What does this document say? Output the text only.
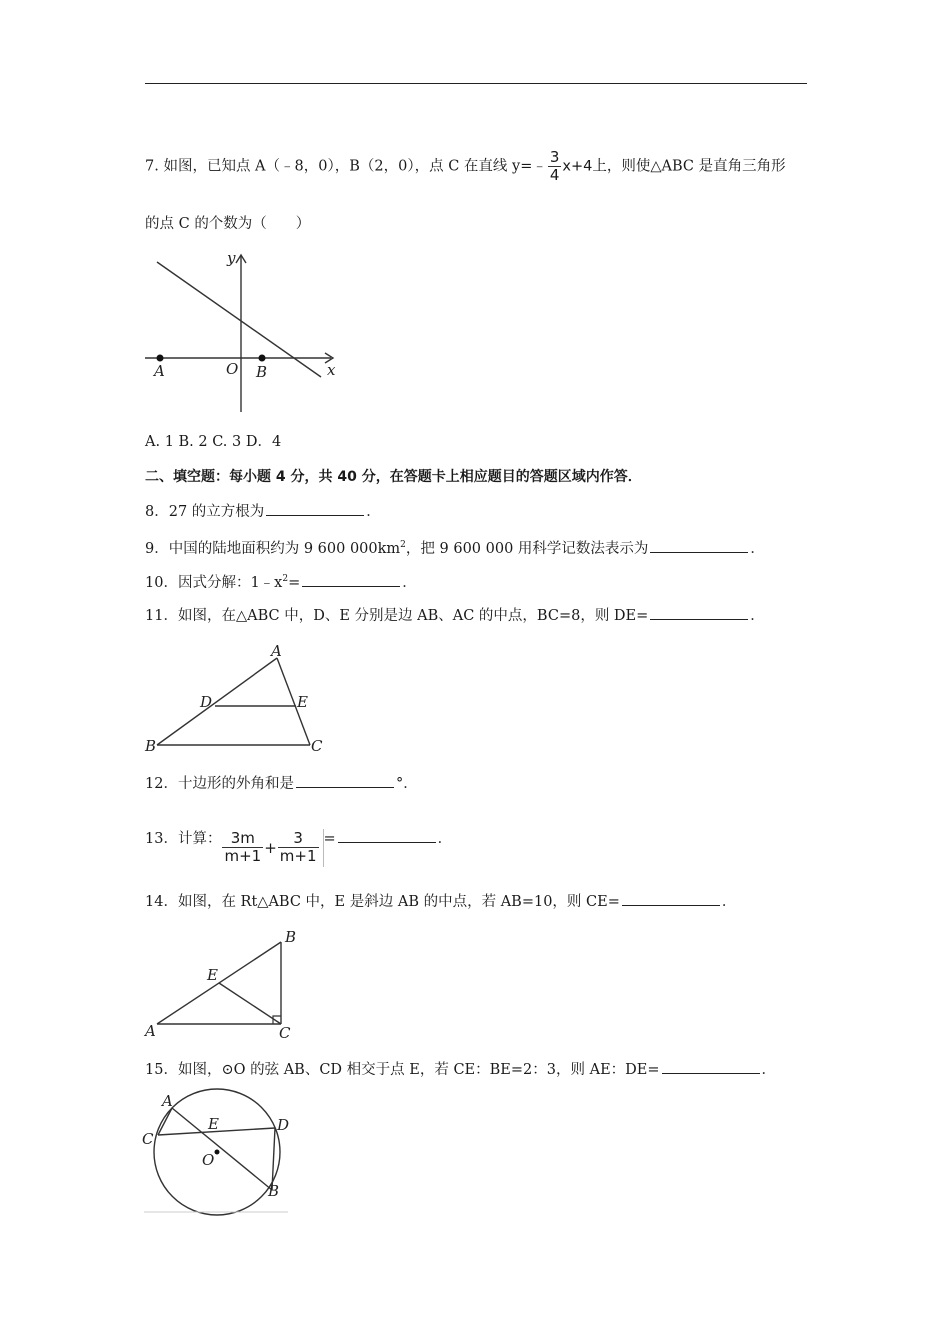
7. 如图，已知点 A（﹣8，0），B（2，0），点 C 在直线 y=﹣ $\frac{3}{4} x+4$上，则使△ABC 是直角三角形
的点 C 的个数为（　　）
y
x
A	O B
A. 1 B. 2 C. 3 D．4
二、填空题：每小题 4 分，共 40 分，在答题卡上相应题目的答题区域内作答．
8．27 的立方根为	．
9．中国的陆地面积约为 9 600 $000km^2$，把 9 600 000 用科学记数法表示为	．
10．因式分解：$1﹣x^2=$	．
11．如图，在△ABC 中，D、E 分别是边 AB、AC 的中点，BC=8，则 DE=	．
A
D	E
B	C
12．十边形的外角和是	°．
13．计算： $\frac{3m}{m+1} + \frac{3}{m+1}$ =	．
14．如图，在 Rt△ABC 中，E 是斜边 AB 的中点，若 AB=10，则 CE=	．
B
E
A	C
15．如图，⊙O 的弦 AB、CD 相交于点 E，若 CE：BE=2：3，则 AE：DE=	．
A
E	D
C
O
B
